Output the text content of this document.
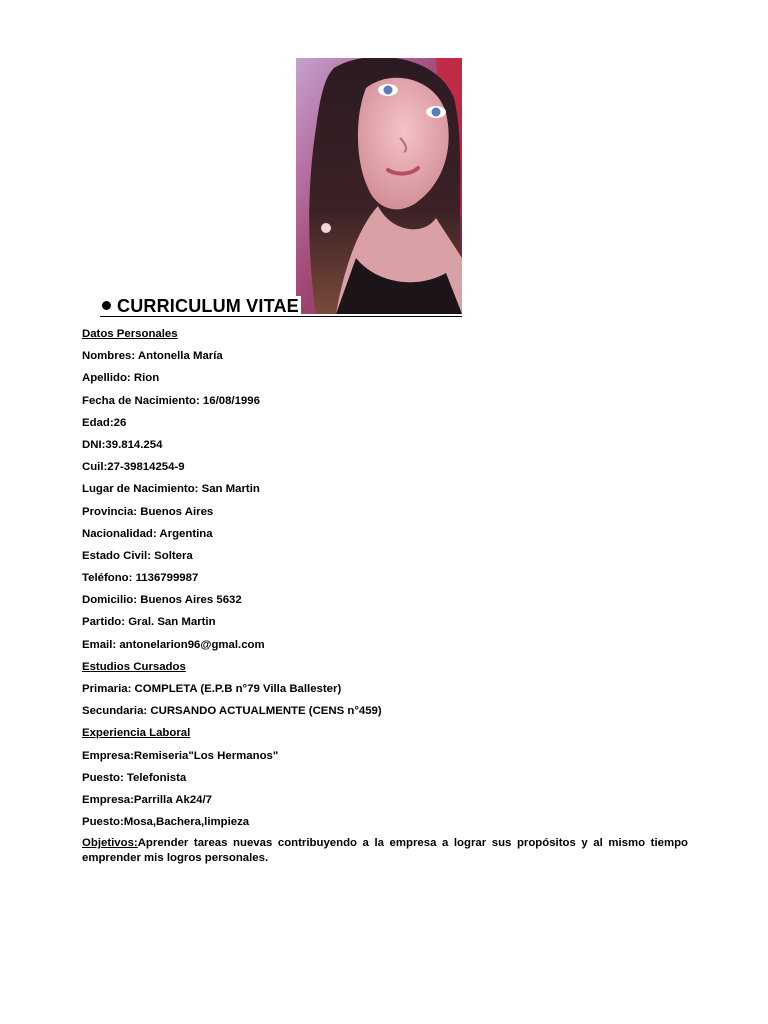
CURRICULUM VITAE
Datos Personales
Nombres: Antonella María
Apellido: Rion
Fecha de Nacimiento: 16/08/1996
Edad:26
DNI:39.814.254
Cuil:27-39814254-9
Lugar de Nacimiento: San Martin
Provincia: Buenos Aires
Nacionalidad: Argentina
Estado Civil: Soltera
Teléfono: 1136799987
Domicilio: Buenos Aires 5632
Partido: Gral. San Martin
Email: antonelarion96@gmal.com
Estudios Cursados
Primaria: COMPLETA (E.P.B n°79 Villa Ballester)
Secundaria: CURSANDO ACTUALMENTE (CENS n°459)
Experiencia Laboral
Empresa:Remiseria"Los Hermanos"
Puesto: Telefonista
Empresa:Parrilla Ak24/7
Puesto:Mosa,Bachera,limpieza
Objetivos:Aprender tareas nuevas contribuyendo a la empresa a lograr sus propósitos y al mismo tiempo emprender mis logros personales.
